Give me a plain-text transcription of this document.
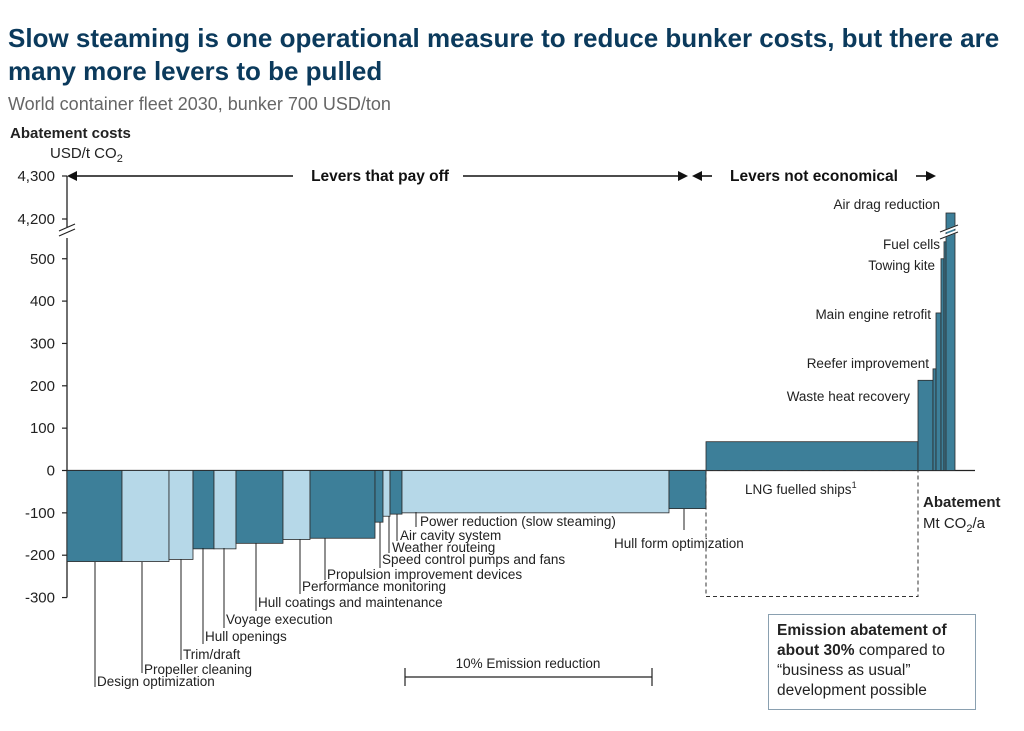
Slow steaming is one operational measure to reduce bunker costs, but there are many more levers to be pulled
World container fleet 2030, bunker 700 USD/ton
Abatement costs
USD/t $CO_2$
-300
-200
-100
0
100
200
300
400
500
4,200
4,300	Levers that pay off	Levers not economical
Design optimization
Propeller cleaning
Trim/draft
Hull openings
Voyage execution
Hull coatings and maintenance
Performance monitoring
Propulsion improvement devices
Speed control pumps and fans
Weather routeing
Air cavity system
Power reduction (slow steaming)
Hull form optimization
LNG fuelled ships$^1$
Waste heat recovery
Reefer improvement
Main engine retrofit
Towing kite
Fuel cells
Air drag reduction
10% Emission reduction
Abatement
Mt $CO_2/a$
Emission abatement of about 30% compared to “business as usual” development possible
